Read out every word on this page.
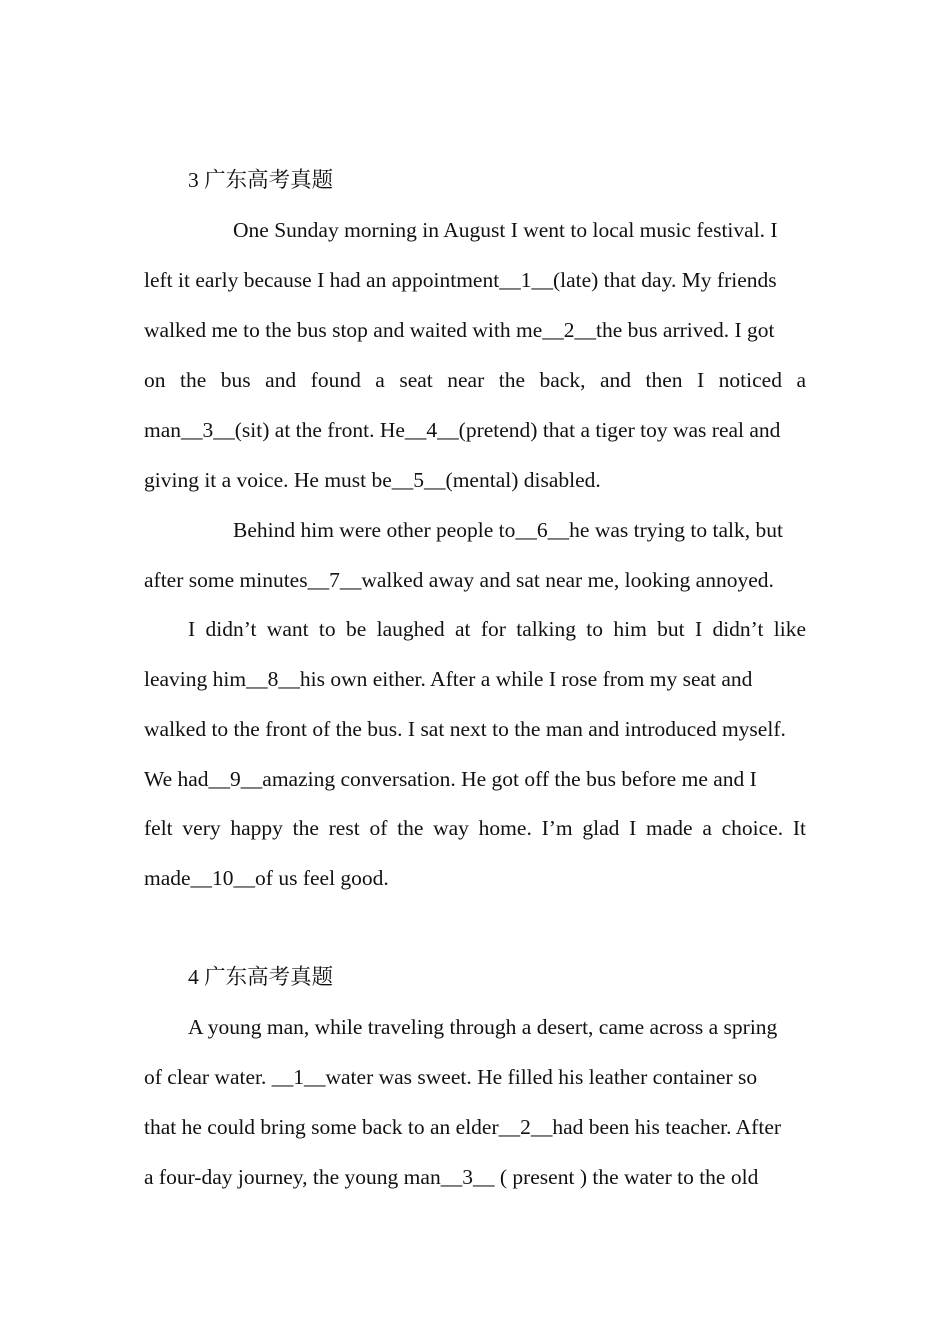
3 广东高考真题
One Sunday morning in August I went to local music festival. I
left it early because I had an appointment__1__(late) that day. My friends
walked me to the bus stop and waited with me__2__the bus arrived. I got
on the bus and found a seat near the back, and then I noticed a
man__3__(sit) at the front. He__4__(pretend) that a tiger toy was real and
giving it a voice. He must be__5__(mental) disabled.
Behind him were other people to__6__he was trying to talk, but
after some minutes__7__walked away and sat near me, looking annoyed.
I didn’t want to be laughed at for talking to him but I didn’t like
leaving him__8__his own either. After a while I rose from my seat and
walked to the front of the bus. I sat next to the man and introduced myself.
We had__9__amazing conversation. He got off the bus before me and I
felt very happy the rest of the way home. I’m glad I made a choice. It
made__10__of us feel good.
4 广东高考真题
A young man, while traveling through a desert, came across a spring
of clear water. __1__water was sweet. He filled his leather container so
that he could bring some back to an elder__2__had been his teacher. After
a four-day journey, the young man__3__ ( present ) the water to the old
